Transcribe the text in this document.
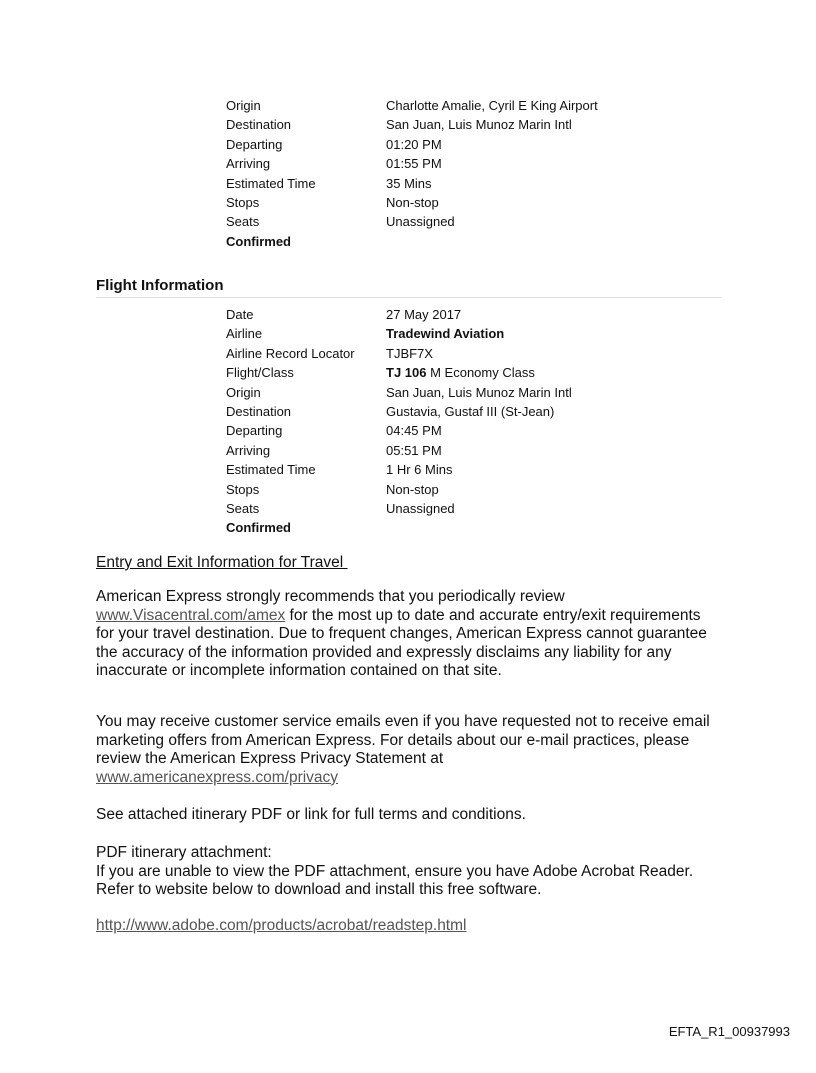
Origin	Charlotte Amalie, Cyril E King Airport
Destination	San Juan, Luis Munoz Marin Intl
Departing	01:20 PM
Arriving	01:55 PM
Estimated Time	35 Mins
Stops	Non-stop
Seats	Unassigned
Confirmed
Flight Information
Date	27 May 2017
Airline	Tradewind Aviation
Airline Record Locator	TJBF7X
Flight/Class	TJ 106 M Economy Class
Origin	San Juan, Luis Munoz Marin Intl
Destination	Gustavia, Gustaf III (St-Jean)
Departing	04:45 PM
Arriving	05:51 PM
Estimated Time	1 Hr 6 Mins
Stops	Non-stop
Seats	Unassigned
Confirmed
Entry and Exit Information for Travel
American Express strongly recommends that you periodically review
www.Visacentral.com/amex for the most up to date and accurate entry/exit requirements for your travel destination. Due to frequent changes, American Express cannot guarantee the accuracy of the information provided and expressly disclaims any liability for any inaccurate or incomplete information contained on that site.
You may receive customer service emails even if you have requested not to receive email marketing offers from American Express. For details about our e-mail practices, please review the American Express Privacy Statement at
www.americanexpress.com/privacy
See attached itinerary PDF or link for full terms and conditions.
PDF itinerary attachment:
If you are unable to view the PDF attachment, ensure you have Adobe Acrobat Reader. Refer to website below to download and install this free software.
http://www.adobe.com/products/acrobat/readstep.html
EFTA_R1_00937993
